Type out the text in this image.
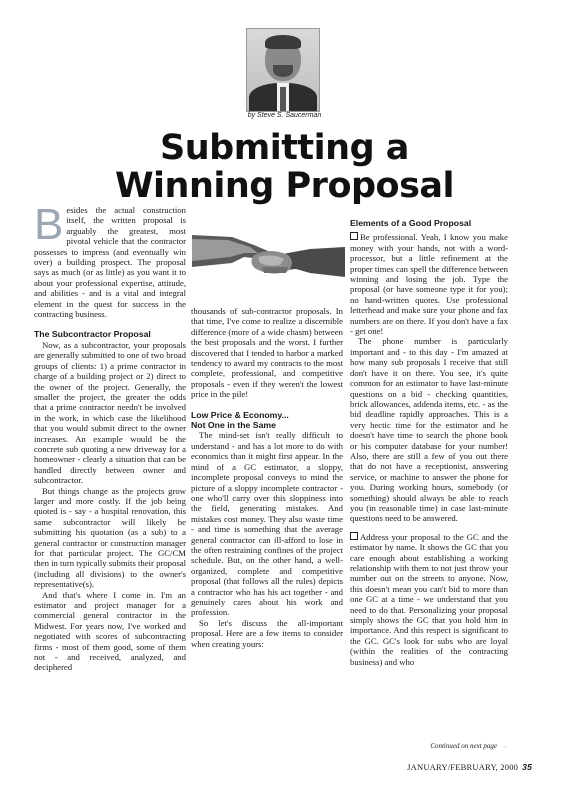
by Steve S. Saucerman
Submitting a
Winning Proposal

Besides the actual construction itself, the written proposal is arguably the greatest, most pivotal vehicle that the contractor possesses to impress (and eventually win over) a building prospect. The proposal says as much (or as little) as you want it to about your professional expertise, attitude, and abilities - and is a vital and integral element in the quest for success in the contracting business.

The Subcontractor Proposal

Now, as a subcontractor, your proposals are generally submitted to one of two broad groups of clients: 1) a prime contractor in charge of a building project or 2) direct to the owner of the project. Generally, the smaller the project, the greater the odds that a prime contractor needn't be involved in the work, in which case the likelihood that you would submit direct to the owner increases. An example would be the concrete sub quoting a new driveway for a homeowner - clearly a situation that can be handled directly between owner and subcontractor.

But things change as the projects grow larger and more costly. If the job being quoted is - say - a hospital renovation, this same subcontractor will likely be submitting his quotation (as a sub) to a general contractor or construction manager for that particular project. The GC/CM then in turn typically submits their proposal (including all divisions) to the owner's representative(s).

And that's where I come in. I'm an estimator and project manager for a commercial general contractor in the Midwest. For years now, I've worked and negotiated with scores of subcontracting firms - most of them good, some of them not - and received, analyzed, and deciphered

thousands of sub-contractor proposals. In that time, I've come to realize a discernible difference (more of a wide chasm) between the best proposals and the worst. I further discovered that I tended to harbor a marked tendency to award my contracts to the most complete, professional, and competitive proposals - even if they weren't the lowest price in the pile!

Low Price & Economy...
Not One in the Same

The mind-set isn't really difficult to understand - and has a lot more to do with economics than it might first appear. In the mind of a GC estimator, a sloppy, incomplete proposal conveys to mind the picture of a sloppy incomplete contractor - one who'll carry over this sloppiness into the field, generating mistakes. And mistakes cost money. They also waste time - and time is something that the average general contractor can ill-afford to lose in the often restraining confines of the project schedule. But, on the other hand, a well-organized, complete and competitive proposal (that follows all the rules) depicts a contractor who has his act together - and genuinely cares about his work and profession.

So let's discuss the all-important proposal. Here are a few items to consider when creating yours:

Elements of a Good Proposal

Be professional. Yeah, I know you make money with your hands, not with a word-processor, but a little refinement at the proper times can spell the difference between winning and losing the job. Type the proposal (or have someone type it for you); no hand-written quotes. Use professional letterhead and make sure your phone and fax numbers are on there. If you don't have a fax - get one!

The phone number is particularly important and - to this day - I'm amazed at how many sub proposals I receive that still don't have it on there. You see, it's quite common for an estimator to have last-minute questions on a bid - checking quantities, brick allowances, addenda items, etc. - as the bid deadline rapidly approaches. This is a very hectic time for the estimator and he doesn't have time to search the phone book or his computer database for your number! Also, there are still a few of you out there that do not have a receptionist, answering service, or machine to answer the phone for you. During working hours, somebody (or something) should always be able to reach you (in reasonable time) in case last-minute questions need to be answered.

Address your proposal to the GC and the estimator by name. It shows the GC that you care enough about establishing a working relationship with them to not just throw your number out on the streets to anyone. Now, this doesn't mean you can't bid to more than one GC at a time - we understand that you need to do that. Personalizing your proposal simply shows the GC that you hold him in importance. And this respect is significant to the GC. GC's look for subs who are loyal (within the realities of the contracting business) and who

Continued on next page →
JANUARY/FEBRUARY, 2000 35
